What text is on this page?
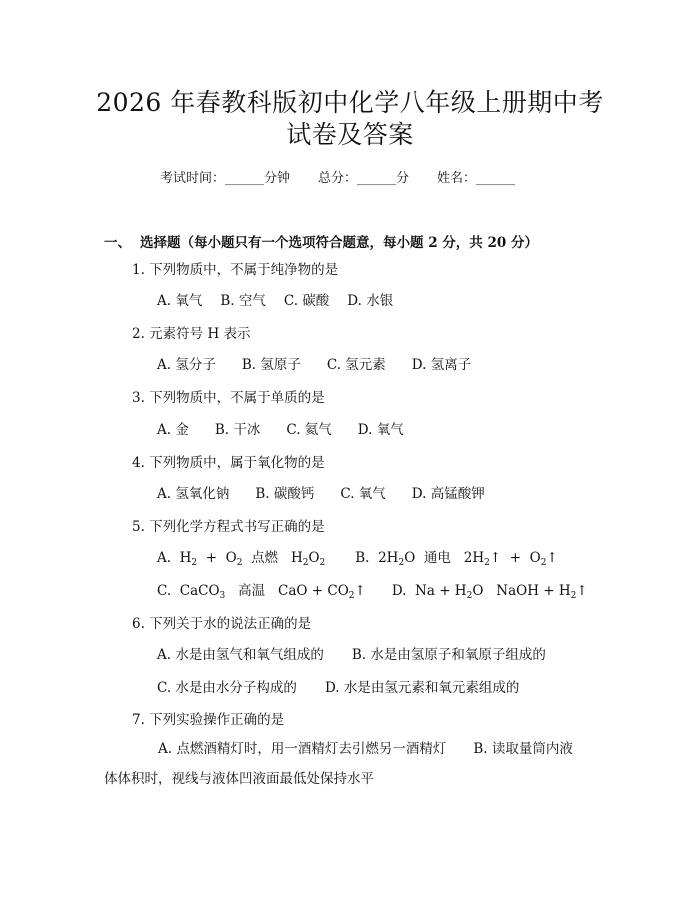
2026 年春教科版初中化学八年级上册期中考
试卷及答案
考试时间：______分钟 总分：______分 姓名：______
一、 选择题（每小题只有一个选项符合题意，每小题 2 分，共 20 分）
1. 下列物质中，不属于纯净物的是
A. 氧气 B. 空气 C. 碳酸 D. 水银
2. 元素符号 H 表示
A. 氢分子 B. 氢原子 C. 氢元素 D. 氢离子
3. 下列物质中，不属于单质的是
A. 金 B. 干冰 C. 氦气 D. 氧气
4. 下列物质中，属于氧化物的是
A. 氢氧化钠 B. 碳酸钙 C. 氧气 D. 高锰酸钾
5. 下列化学方程式书写正确的是
A. $H_2 + O_2$ 点燃 $H_2O_2$ B. $2H_2O$ 通电 $2H_2↑$ + $O_2↑$
C. CaCO$_3$ 高温 CaO + $CO_2↑$ D. $Na + H_2O$ NaOH + $H_2↑$
6. 下列关于水的说法正确的是
A. 水是由氢气和氧气组成的 B. 水是由氢原子和氧原子组成的
C. 水是由水分子构成的 D. 水是由氢元素和氧元素组成的
7. 下列实验操作正确的是
A. 点燃酒精灯时，用一酒精灯去引燃另一酒精灯　　B. 读取量筒内液体体积时，视线与液体凹液面最低处保持水平
